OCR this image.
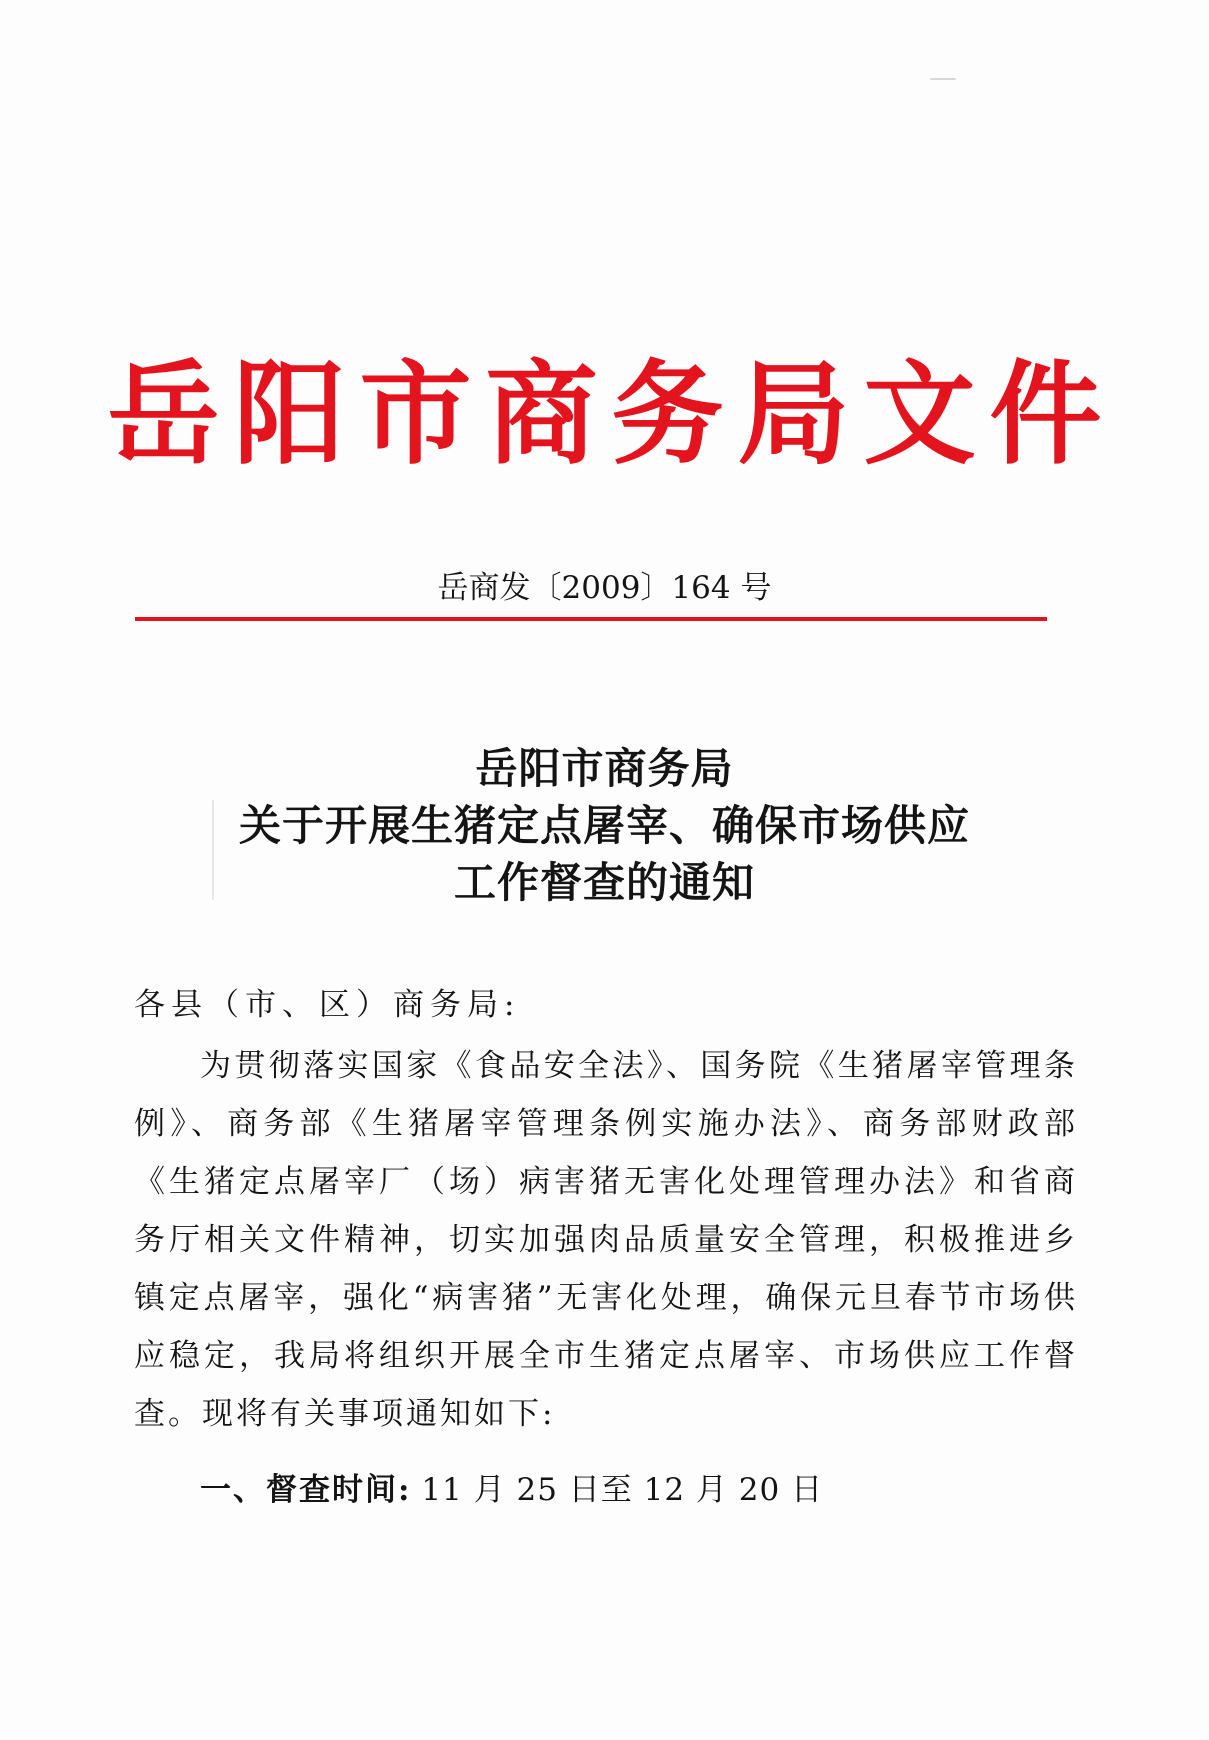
岳阳市商务局文件
岳商发〔2009〕164 号
岳阳市商务局
关于开展生猪定点屠宰、确保市场供应
工作督查的通知
各县（市、区）商务局:

为贯彻落实国家《食品安全法》、国务院《生猪屠宰管理条例》、商务部《生猪屠宰管理条例实施办法》、商务部财政部《生猪定点屠宰厂（场）病害猪无害化处理管理办法》和省商务厅相关文件精神，切实加强肉品质量安全管理，积极推进乡镇定点屠宰，强化“病害猪”无害化处理，确保元旦春节市场供应稳定，我局将组织开展全市生猪定点屠宰、市场供应工作督查。现将有关事项通知如下:

一、督查时间: 11 月 25 日至 12 月 20 日
